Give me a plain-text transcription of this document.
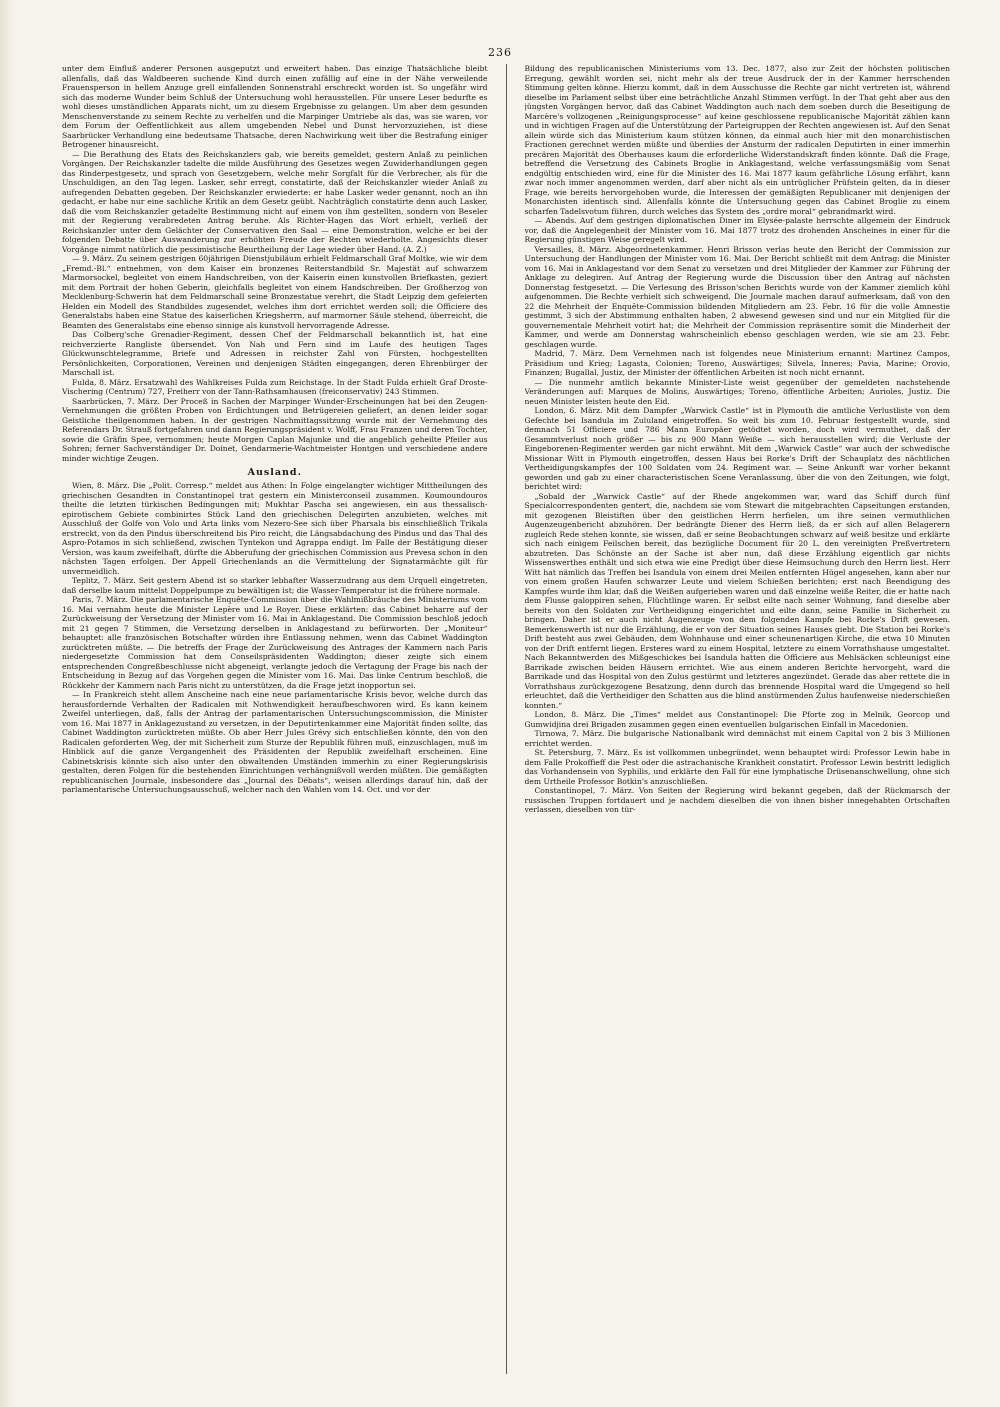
236

unter dem Einfluß anderer Personen ausgeputzt und erweitert haben. Das einzige Thatsächliche bleibt allenfalls, daß das Waldbeeren suchende Kind durch einen zufällig auf eine in der Nähe verweilende Frauensperson in hellem Anzuge grell einfallenden Sonnenstrahl erschreckt worden ist. So ungefähr wird sich das moderne Wunder beim Schluß der Untersuchung wohl herausstellen. Für unsere Leser bedurfte es wohl dieses umständlichen Apparats nicht, um zu diesem Ergebnisse zu gelangen. Um aber dem gesunden Menschenverstande zu seinem Rechte zu verhelfen und die Marpinger Umtriebe als das, was sie waren, vor dem Forum der Oeffentlichkeit aus allem umgebenden Nebel und Dunst hervorzuziehen, ist diese Saarbrücker Verhandlung eine bedeutsame Thatsache, deren Nachwirkung weit über die Bestrafung einiger Betrogener hinausreicht.

— Die Berathung des Etats des Reichskanzlers gab, wie bereits gemeldet, gestern Anlaß zu peinlichen Vorgängen. Der Reichskanzler tadelte die milde Ausführung des Gesetzes wegen Zuwiderhandlungen gegen das Rinderpestgesetz, und sprach von Gesetzgebern, welche mehr Sorgfalt für die Verbrecher, als für die Unschuldigen, an den Tag legen. Lasker, sehr erregt, constatirte, daß der Reichskanzler wieder Anlaß zu aufregenden Debatten gegeben. Der Reichskanzler erwiederte: er habe Lasker weder genannt, noch an ihn gedacht, er habe nur eine sachliche Kritik an dem Gesetz geübt. Nachträglich constatirte denn auch Lasker, daß die vom Reichskanzler getadelte Bestimmung nicht auf einem von ihm gestellten, sondern von Beseler mit der Regierung verabredeten Antrag beruhe. Als Richter-Hagen das Wort erhielt, verließ der Reichskanzler unter dem Gelächter der Conservativen den Saal — eine Demonstration, welche er bei der folgenden Debatte über Auswanderung zur erhöhten Freude der Rechten wiederholte. Angesichts dieser Vorgänge nimmt natürlich die pessimistische Beurtheilung der Lage wieder über Hand. (A. Z.)

— 9. März. Zu seinem gestrigen 60jährigen Dienstjubiläum erhielt Feldmarschall Graf Moltke, wie wir dem „Fremd.-Bl.“ entnehmen, von dem Kaiser ein bronzenes Reiterstandbild Sr. Majestät auf schwarzem Marmorsockel, begleitet von einem Handschreiben, von der Kaiserin einen kunstvollen Briefkasten, geziert mit dem Portrait der hohen Geberin, gleichfalls begleitet von einem Handschreiben. Der Großherzog von Mecklenburg-Schwerin hat dem Feldmarschall seine Bronzestatue verehrt, die Stadt Leipzig dem gefeierten Helden ein Modell des Standbildes zugesendet, welches ihm dort errichtet werden soll; die Officiere des Generalstabs haben eine Statue des kaiserlichen Kriegsherrn, auf marmorner Säule stehend, überreicht, die Beamten des Generalstabs eine ebenso sinnige als kunstvoll hervorragende Adresse.

Das Colberg'sche Grenadier-Regiment, dessen Chef der Feldmarschall bekanntlich ist, hat eine reichverzierte Rangliste übersendet. Von Nah und Fern sind im Laufe des heutigen Tages Glückwunschtelegramme, Briefe und Adressen in reichster Zahl von Fürsten, hochgestellten Persönlichkeiten, Corporationen, Vereinen und denjenigen Städten eingegangen, deren Ehrenbürger der Marschall ist.

Fulda, 8. März. Ersatzwahl des Wahlkreises Fulda zum Reichstage. In der Stadt Fulda erhielt Graf Droste-Vischering (Centrum) 727, Freiherr von der Tann-Rathsamhausen (freiconservativ) 243 Stimmen.

Saarbrücken, 7. März. Der Proceß in Sachen der Marpinger Wunder-Erscheinungen hat bei den Zeugen-Vernehmungen die größten Proben von Erdichtungen und Betrügereien geliefert, an denen leider sogar Geistliche theilgenommen haben. In der gestrigen Nachmittagssitzung wurde mit der Vernehmung des Referendars Dr. Strauß fortgefahren und dann Regierungspräsident v. Wolff, Frau Franzen und deren Tochter, sowie die Gräfin Spee, vernommen; heute Morgen Caplan Majunke und die angeblich geheilte Pfeiler aus Sohren; ferner Sachverständiger Dr. Doinet, Gendarmerie-Wachtmeister Hontgen und verschiedene andere minder wichtige Zeugen.

Ausland.

Wien, 8. März. Die „Polit. Corresp.“ meldet aus Athen: In Folge eingelangter wichtiger Mittheilungen des griechischen Gesandten in Constantinopel trat gestern ein Ministerconseil zusammen. Koumoundouros theilte die letzten türkischen Bedingungen mit; Mukhtar Pascha sei angewiesen, ein aus thessalisch-epirotischem Gebiete combinirtes Stück Land den griechischen Delegirten anzubieten, welches mit Ausschluß der Golfe von Volo und Arta links vom Nezero-See sich über Pharsala bis einschließlich Trikala erstreckt, von da den Pindus überschreitend bis Piro reicht, die Längsabdachung des Pindus und das Thal des Aspro-Potamos in sich schließend, zwischen Tyntekon und Agrappa endigt. Im Falle der Bestätigung dieser Version, was kaum zweifelhaft, dürfte die Abberufung der griechischen Commission aus Prevesa schon in den nächsten Tagen erfolgen. Der Appell Griechenlands an die Vermittelung der Signatarmächte gilt für unvermeidlich.

Teplitz, 7. März. Seit gestern Abend ist so starker lebhafter Wasserzudrang aus dem Urquell eingetreten, daß derselbe kaum mittelst Doppelpumpe zu bewältigen ist; die Wasser-Temperatur ist die frühere normale.

Paris, 7. März. Die parlamentarische Enquête-Commission über die Wahlmißbräuche des Ministeriums vom 16. Mai vernahm heute die Minister Lepère und Le Royer. Diese erklärten: das Cabinet beharre auf der Zurückweisung der Versetzung der Minister vom 16. Mai in Anklagestand. Die Commission beschloß jedoch mit 21 gegen 7 Stimmen, die Versetzung derselben in Anklagestand zu befürworten. Der „Moniteur“ behauptet: alle französischen Botschafter würden ihre Entlassung nehmen, wenn das Cabinet Waddington zurücktreten müßte. — Die betreffs der Frage der Zurückweisung des Antrages der Kammern nach Paris niedergesetzte Commission hat dem Conseilspräsidenten Waddington; dieser zeigte sich einem entsprechenden Congreßbeschlusse nicht abgeneigt, verlangte jedoch die Vertagung der Frage bis nach der Entscheidung in Bezug auf das Vorgehen gegen die Minister vom 16. Mai. Das linke Centrum beschloß, die Rückkehr der Kammern nach Paris nicht zu unterstützen, da die Frage jetzt inopportun sei.

— In Frankreich steht allem Anscheine nach eine neue parlamentarische Krisis bevor, welche durch das herausfordernde Verhalten der Radicalen mit Nothwendigkeit heraufbeschworen wird. Es kann keinem Zweifel unterliegen, daß, falls der Antrag der parlamentarischen Untersuchungscommission, die Minister vom 16. Mai 1877 in Anklagezustand zu versetzen, in der Deputirtenkammer eine Majorität finden sollte, das Cabinet Waddington zurücktreten müßte. Ob aber Herr Jules Grévy sich entschließen könnte, den von den Radicalen geforderten Weg, der mit Sicherheit zum Sturze der Republik führen muß, einzuschlagen, muß im Hinblick auf die ganze Vergangenheit des Präsidenten der Republik zweifelhaft erscheinen. Eine Cabinetskrisis könnte sich also unter den obwaltenden Umständen immerhin zu einer Regierungskrisis gestalten, deren Folgen für die bestehenden Einrichtungen verhängnißvoll werden müßten. Die gemäßigten republicanischen Journale, insbesondere das „Journal des Débats“, weisen allerdings darauf hin, daß der parlamentarische Untersuchungsausschuß, welcher nach den Wahlen vom 14. Oct. und vor der

Bildung des republicanischen Ministeriums vom 13. Dec. 1877, also zur Zeit der höchsten politischen Erregung, gewählt worden sei, nicht mehr als der treue Ausdruck der in der Kammer herrschenden Stimmung gelten könne. Hierzu kommt, daß in dem Ausschusse die Rechte gar nicht vertreten ist, während dieselbe im Parlament selbst über eine beträchtliche Anzahl Stimmen verfügt. In der That geht aber aus den jüngsten Vorgängen hervor, daß das Cabinet Waddington auch nach dem soeben durch die Beseitigung de Marcère's vollzogenen „Reinigungsprocesse“ auf keine geschlossene republicanische Majorität zählen kann und in wichtigen Fragen auf die Unterstützung der Parteigruppen der Rechten angewiesen ist. Auf den Senat allein würde sich das Ministerium kaum stützen können, da einmal auch hier mit den monarchistischen Fractionen gerechnet werden müßte und überdies der Ansturm der radicalen Deputirten in einer immerhin precären Majorität des Oberhauses kaum die erforderliche Widerstandskraft finden könnte. Daß die Frage, betreffend die Versetzung des Cabinets Broglie in Anklagestand, welche verfassungsmäßig vom Senat endgültig entschieden wird, eine für die Minister des 16. Mai 1877 kaum gefährliche Lösung erfährt, kann zwar noch immer angenommen werden, darf aber nicht als ein untrüglicher Prüfstein gelten, da in dieser Frage, wie bereits hervorgehoben wurde, die Interessen der gemäßigten Republicaner mit denjenigen der Monarchisten identisch sind. Allenfalls könnte die Untersuchung gegen das Cabinet Broglie zu einem scharfen Tadelsvotum führen, durch welches das System des „ordre moral“ gebrandmarkt wird.

— Abends. Auf dem gestrigen diplomatischen Diner im Elysée-palaste herrschte allgemein der Eindruck vor, daß die Angelegenheit der Minister vom 16. Mai 1877 trotz des drohenden Anscheines in einer für die Regierung günstigen Weise geregelt wird.

Versailles, 8. März. Abgeordnetenkammer. Henri Brisson verlas heute den Bericht der Commission zur Untersuchung der Handlungen der Minister vom 16. Mai. Der Bericht schließt mit dem Antrag: die Minister vom 16. Mai in Anklagestand vor dem Senat zu versetzen und drei Mitglieder der Kammer zur Führung der Anklage zu delegiren. Auf Antrag der Regierung wurde die Discussion über den Antrag auf nächsten Donnerstag festgesetzt. — Die Verlesung des Brisson'schen Berichts wurde von der Kammer ziemlich kühl aufgenommen. Die Rechte verhielt sich schweigend. Die Journale machen darauf aufmerksam, daß von den 22 die Mehrheit der Enquête-Commission bildenden Mitgliedern am 23. Febr. 16 für die volle Amnestie gestimmt, 3 sich der Abstimmung enthalten haben, 2 abwesend gewesen sind und nur ein Mitglied für die gouvernementale Mehrheit votirt hat; die Mehrheit der Commission repräsentire somit die Minderheit der Kammer, und werde am Donnerstag wahrscheinlich ebenso geschlagen werden, wie sie am 23. Febr. geschlagen wurde.

Madrid, 7. März. Dem Vernehmen nach ist folgendes neue Ministerium ernannt: Martinez Campos, Präsidium und Krieg; Lagasta, Colonien; Toreno, Auswärtiges; Silvela, Inneres; Pavia, Marine; Orovio, Finanzen; Bugallal, Justiz, der Minister der öffentlichen Arbeiten ist noch nicht ernannt.

— Die nunmehr amtlich bekannte Minister-Liste weist gegenüber der gemeldeten nachstehende Veränderungen auf: Marques de Molins, Auswärtiges; Toreno, öffentliche Arbeiten; Aurioles, Justiz. Die neuen Minister leisten heute den Eid.

London, 6. März. Mit dem Dampfer „Warwick Castle“ ist in Plymouth die amtliche Verlustliste von dem Gefechte bei Isandula im Zululand eingetroffen. So weit bis zum 10. Februar festgestellt wurde, sind demnach 51 Officiere und 786 Mann Europäer getödtet worden, doch wird vermuthet, daß der Gesammtverlust noch größer — bis zu 900 Mann Weiße — sich herausstellen wird; die Verluste der Eingeborenen-Regimenter werden gar nicht erwähnt. Mit dem „Warwick Castle“ war auch der schwedische Missionar Witt in Plymouth eingetroffen, dessen Haus bei Rorke's Drift der Schauplatz des nächtlichen Vertheidigungskampfes der 100 Soldaten vom 24. Regiment war. — Seine Ankunft war vorher bekannt geworden und gab zu einer characteristischen Scene Veranlassung, über die von den Zeitungen, wie folgt, berichtet wird:

„Sobald der „Warwick Castle“ auf der Rhede angekommen war, ward das Schiff durch fünf Specialcorrespondenten gentert, die, nachdem sie vom Stewart die mitgebrachten Capseitungen erstanden, mit gezogenen Bleistiften über den geistlichen Herrn herfielen, um ihre seinen vermuthlichen Augenzeugenbericht abzuhören. Der bedrängte Diener des Herrn ließ, da er sich auf allen Belagerern zugleich Rede stehen konnte, sie wissen, daß er seine Beobachtungen schwarz auf weiß besitze und erklärte sich nach einigem Feilschen bereit, das bezügliche Document für 20 L. den vereinigten Preßvertretern abzutreten. Das Schönste an der Sache ist aber nun, daß diese Erzählung eigentlich gar nichts Wissenswerthes enthält und sich etwa wie eine Predigt über diese Heimsuchung durch den Herrn liest. Herr Witt hat nämlich das Treffen bei Isandula von einem drei Meilen entfernten Hügel angesehen, kann aber nur von einem großen Haufen schwarzer Leute und vielem Schießen berichten; erst nach Beendigung des Kampfes wurde ihm klar, daß die Weißen aufgerieben waren und daß einzelne weiße Reiter, die er hatte nach dem Flusse galoppiren sehen, Flüchtlinge waren. Er selbst eilte nach seiner Wohnung, fand dieselbe aber bereits von den Soldaten zur Vertheidigung eingerichtet und eilte dann, seine Familie in Sicherheit zu bringen. Daher ist er auch nicht Augenzeuge von dem folgenden Kampfe bei Rorke's Drift gewesen. Bemerkenswerth ist nur die Erzählung, die er von der Situation seines Hauses giebt. Die Station bei Rorke's Drift besteht aus zwei Gebäuden, dem Wohnhause und einer scheunenartigen Kirche, die etwa 10 Minuten von der Drift entfernt liegen. Ersteres ward zu einem Hospital, letztere zu einem Vorrathshause umgestaltet. Nach Bekanntwerden des Mißgeschickes bei Isandula hatten die Officiere aus Mehlsäcken schleunigst eine Barrikade zwischen beiden Häusern errichtet. Wie aus einem anderen Berichte hervorgeht, ward die Barrikade und das Hospital von den Zulus gestürmt und letzteres angezündet. Gerade das aber rettete die in Vorrathshaus zurückgezogene Besatzung, denn durch das brennende Hospital ward die Umgegend so hell erleuchtet, daß die Vertheidiger den Schatten aus die blind anstürmenden Zulus haufenweise niederschießen konnten.“

London, 8. März. Die „Times“ meldet aus Constantinopel: Die Pforte zog in Melnik, Georcop und Gumwidjina drei Brigaden zusammen gegen einen eventuellen bulgarischen Einfall in Macedonien.

Tirnowa, 7. März. Die bulgarische Nationalbank wird demnächst mit einem Capital von 2 bis 3 Millionen errichtet werden.

St. Petersburg, 7. März. Es ist vollkommen unbegründet, wenn behauptet wird: Professor Lewin habe in dem Falle Prokoffieff die Pest oder die astrachanische Krankheit constatirt. Professor Lewin bestritt lediglich das Vorhandensein von Syphilis, und erklärte den Fall für eine lymphatische Drüsenanschwellung, ohne sich dem Urtheile Professor Botkin's anzuschließen.

Constantinopel, 7. März. Von Seiten der Regierung wird bekannt gegeben, daß der Rückmarsch der russischen Truppen fortdauert und je nachdem dieselben die von ihnen bisher innegehabten Ortschaften verlassen, dieselben von tür-
